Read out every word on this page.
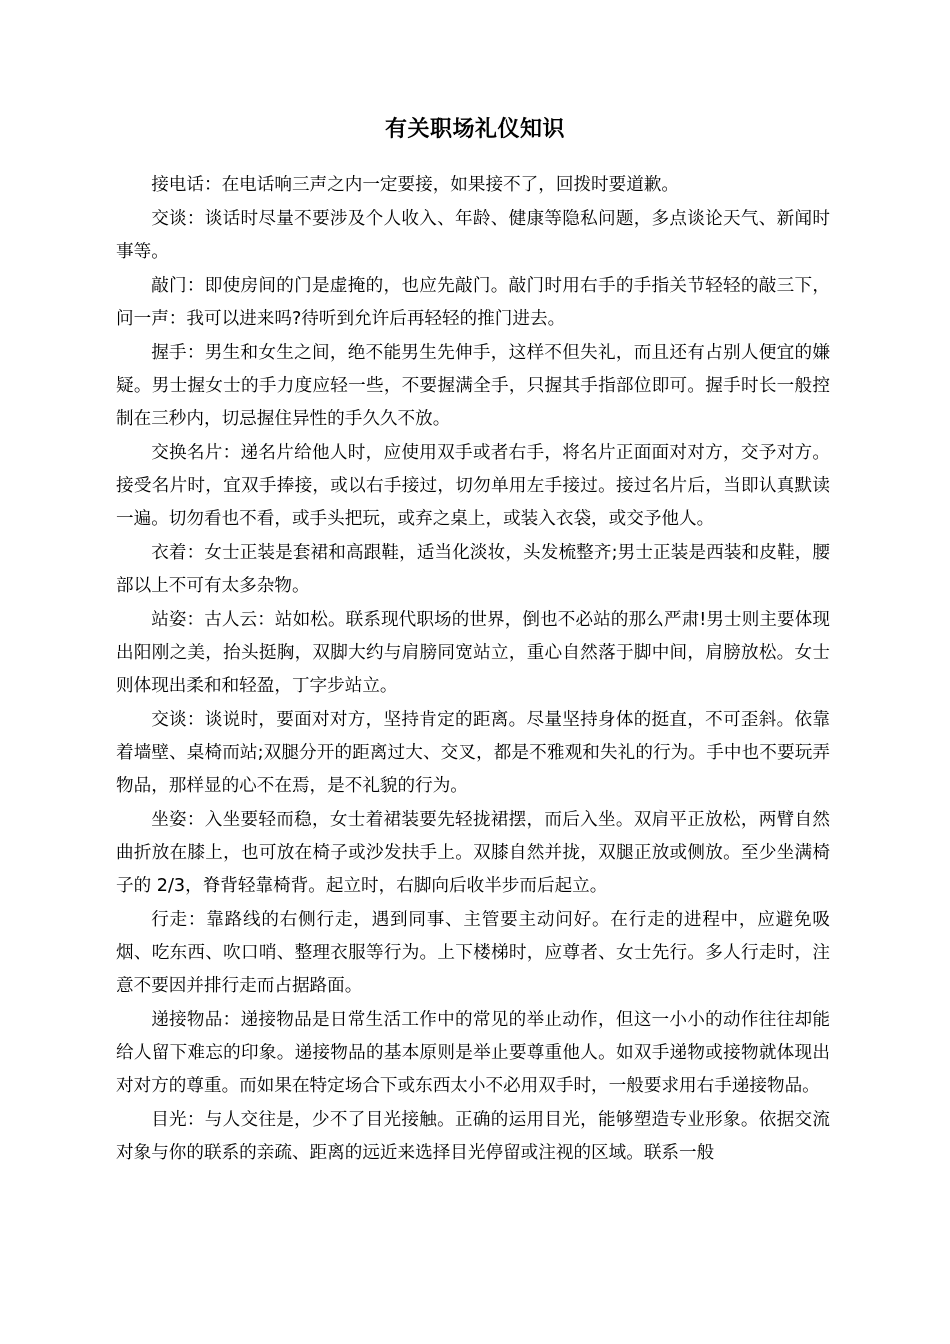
有关职场礼仪知识

接电话：在电话响三声之内一定要接，如果接不了，回拨时要道歉。

交谈：谈话时尽量不要涉及个人收入、年龄、健康等隐私问题，多点谈论天气、新闻时事等。

敲门：即使房间的门是虚掩的，也应先敲门。敲门时用右手的手指关节轻轻的敲三下，问一声：我可以进来吗?待听到允许后再轻轻的推门进去。

握手：男生和女生之间，绝不能男生先伸手，这样不但失礼，而且还有占别人便宜的嫌疑。男士握女士的手力度应轻一些，不要握满全手，只握其手指部位即可。握手时长一般控制在三秒内，切忌握住异性的手久久不放。

交换名片：递名片给他人时，应使用双手或者右手，将名片正面面对对方，交予对方。接受名片时，宜双手捧接，或以右手接过，切勿单用左手接过。接过名片后，当即认真默读一遍。切勿看也不看，或手头把玩，或弃之桌上，或装入衣袋，或交予他人。

衣着：女士正装是套裙和高跟鞋，适当化淡妆，头发梳整齐;男士正装是西装和皮鞋，腰部以上不可有太多杂物。

站姿：古人云：站如松。联系现代职场的世界，倒也不必站的那么严肃!男士则主要体现出阳刚之美，抬头挺胸，双脚大约与肩膀同宽站立，重心自然落于脚中间，肩膀放松。女士则体现出柔和和轻盈，丁字步站立。

交谈：谈说时，要面对对方，坚持肯定的距离。尽量坚持身体的挺直，不可歪斜。依靠着墙壁、桌椅而站;双腿分开的距离过大、交叉，都是不雅观和失礼的行为。手中也不要玩弄物品，那样显的心不在焉，是不礼貌的行为。

坐姿：入坐要轻而稳，女士着裙装要先轻拢裙摆，而后入坐。双肩平正放松，两臂自然曲折放在膝上，也可放在椅子或沙发扶手上。双膝自然并拢，双腿正放或侧放。至少坐满椅子的 2/3，脊背轻靠椅背。起立时，右脚向后收半步而后起立。

行走：靠路线的右侧行走，遇到同事、主管要主动问好。在行走的进程中，应避免吸烟、吃东西、吹口哨、整理衣服等行为。上下楼梯时，应尊者、女士先行。多人行走时，注意不要因并排行走而占据路面。

递接物品：递接物品是日常生活工作中的常见的举止动作，但这一小小的动作往往却能给人留下难忘的印象。递接物品的基本原则是举止要尊重他人。如双手递物或接物就体现出对对方的尊重。而如果在特定场合下或东西太小不必用双手时，一般要求用右手递接物品。

目光：与人交往是，少不了目光接触。正确的运用目光，能够塑造专业形象。依据交流对象与你的联系的亲疏、距离的远近来选择目光停留或注视的区域。联系一般
